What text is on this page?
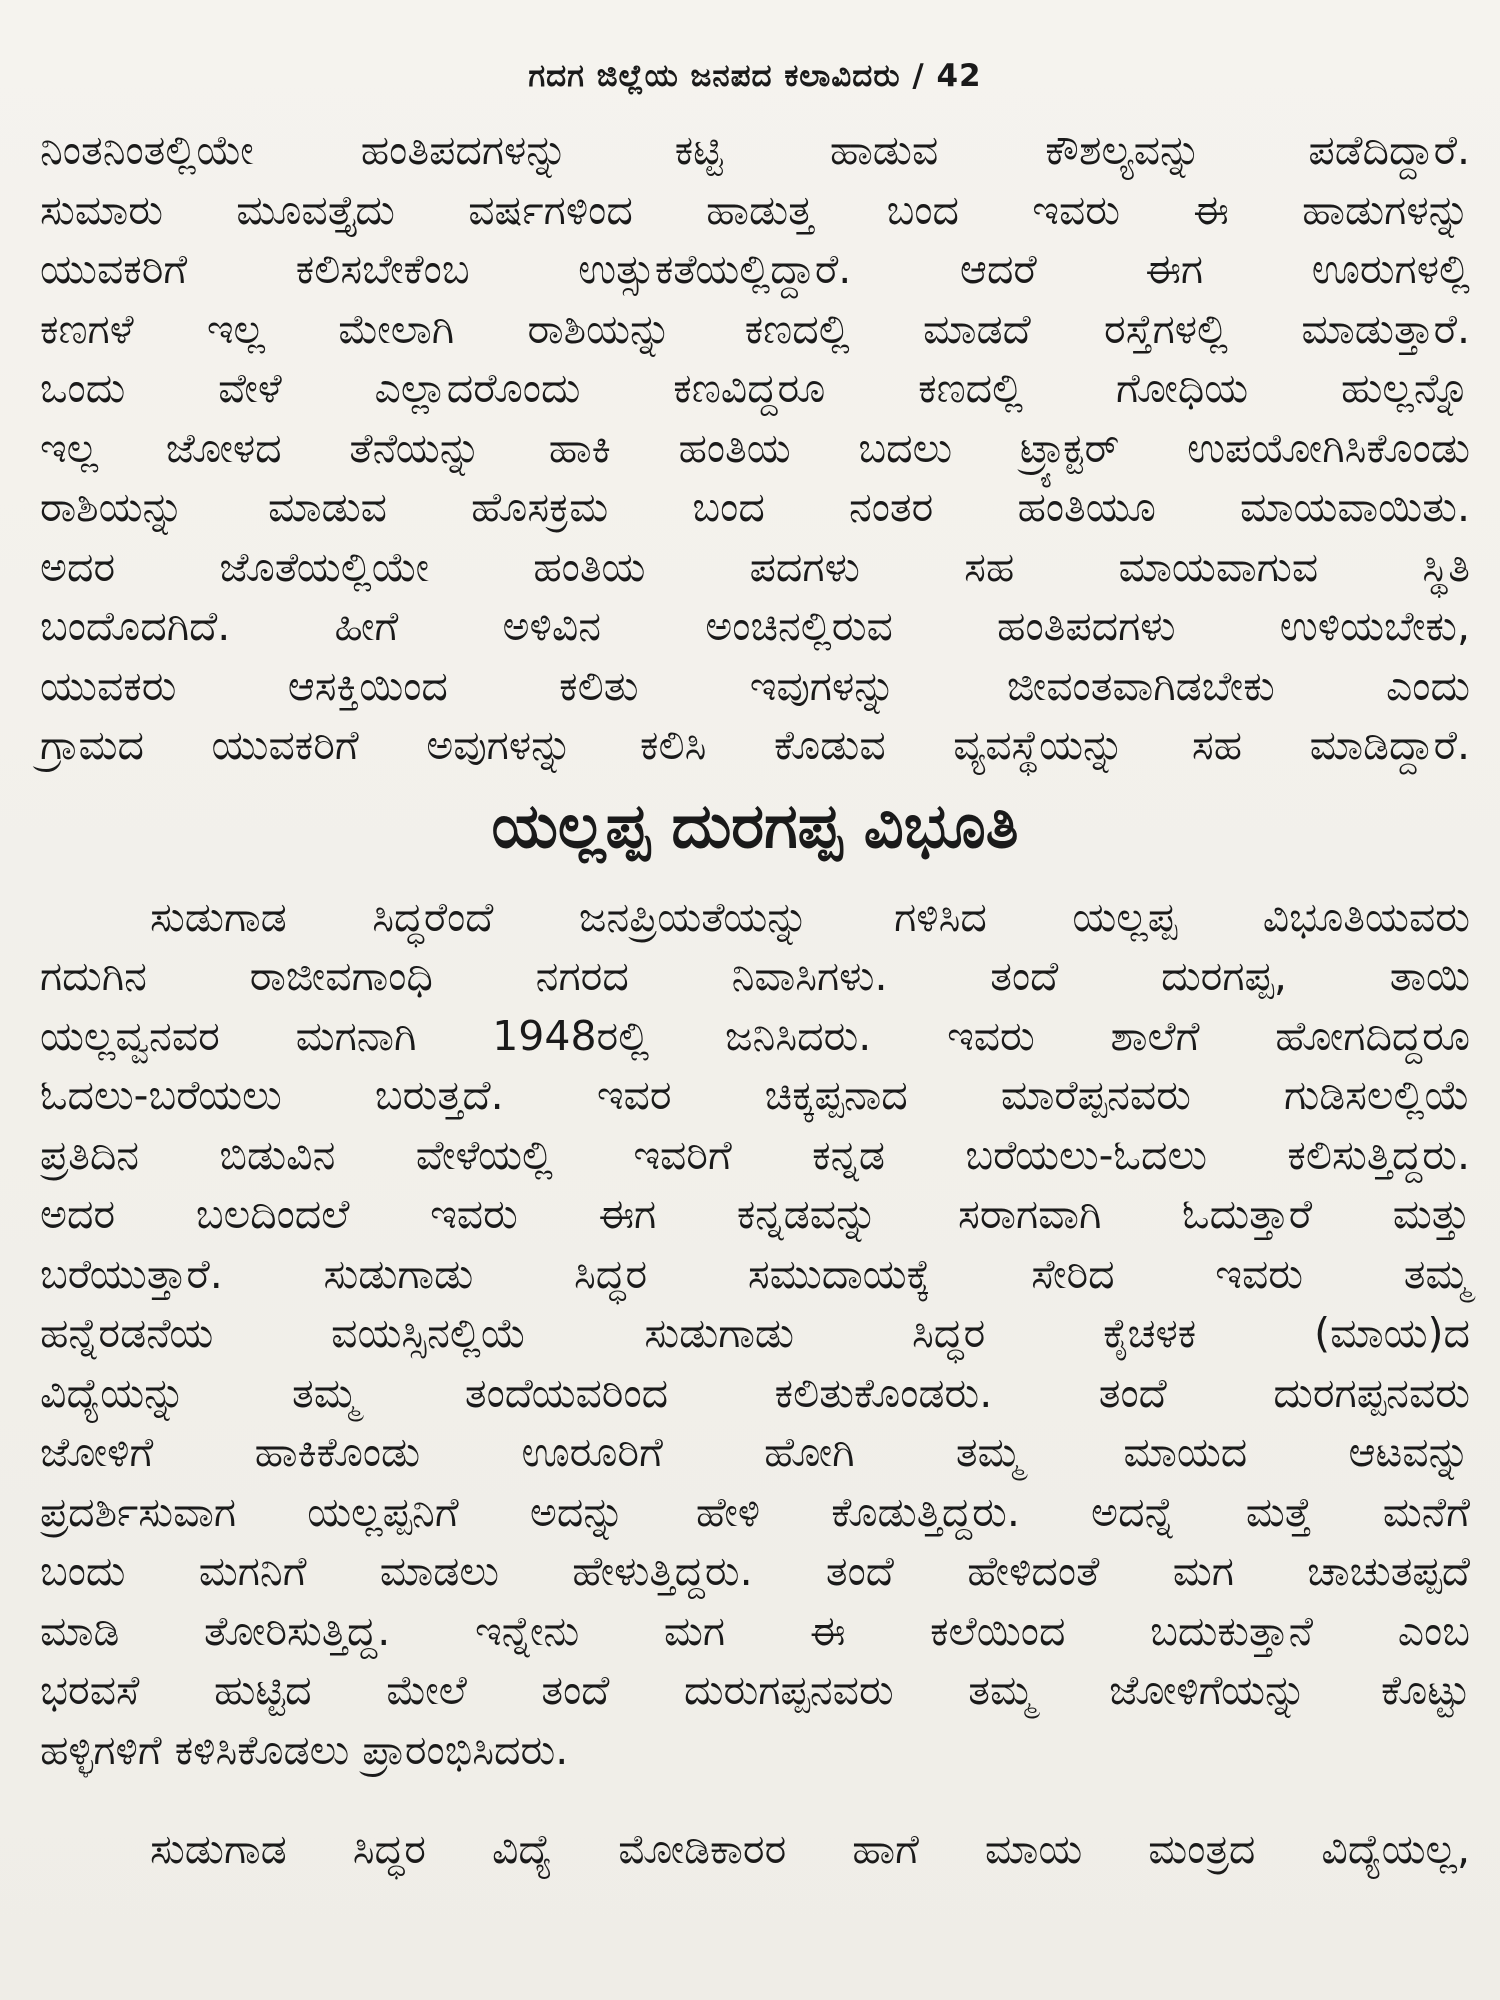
ಗದಗ ಜಿಲ್ಲೆಯ ಜನಪದ ಕಲಾವಿದರು / 42
ನಿಂತನಿಂತಲ್ಲಿಯೇ ಹಂತಿಪದಗಳನ್ನು ಕಟ್ಟಿ ಹಾಡುವ ಕೌಶಲ್ಯವನ್ನು ಪಡೆದಿದ್ದಾರೆ.
ಸುಮಾರು ಮೂವತ್ತೈದು ವರ್ಷಗಳಿಂದ ಹಾಡುತ್ತ ಬಂದ ಇವರು ಈ ಹಾಡುಗಳನ್ನು
ಯುವಕರಿಗೆ ಕಲಿಸಬೇಕೆಂಬ ಉತ್ಸುಕತೆಯಲ್ಲಿದ್ದಾರೆ. ಆದರೆ ಈಗ ಊರುಗಳಲ್ಲಿ
ಕಣಗಳೆ ಇಲ್ಲ ಮೇಲಾಗಿ ರಾಶಿಯನ್ನು ಕಣದಲ್ಲಿ ಮಾಡದೆ ರಸ್ತೆಗಳಲ್ಲಿ ಮಾಡುತ್ತಾರೆ.
ಒಂದು ವೇಳೆ ಎಲ್ಲಾದರೊಂದು ಕಣವಿದ್ದರೂ ಕಣದಲ್ಲಿ ಗೋಧಿಯ ಹುಲ್ಲನ್ನೊ
ಇಲ್ಲ ಜೋಳದ ತೆನೆಯನ್ನು ಹಾಕಿ ಹಂತಿಯ ಬದಲು ಟ್ರ್ಯಾಕ್ಟರ್ ಉಪಯೋಗಿಸಿಕೊಂಡು
ರಾಶಿಯನ್ನು ಮಾಡುವ ಹೊಸಕ್ರಮ ಬಂದ ನಂತರ ಹಂತಿಯೂ ಮಾಯವಾಯಿತು.
ಅದರ ಜೊತೆಯಲ್ಲಿಯೇ ಹಂತಿಯ ಪದಗಳು ಸಹ ಮಾಯವಾಗುವ ಸ್ಥಿತಿ
ಬಂದೊದಗಿದೆ. ಹೀಗೆ ಅಳಿವಿನ ಅಂಚಿನಲ್ಲಿರುವ ಹಂತಿಪದಗಳು ಉಳಿಯಬೇಕು,
ಯುವಕರು ಆಸಕ್ತಿಯಿಂದ ಕಲಿತು ಇವುಗಳನ್ನು ಜೀವಂತವಾಗಿಡಬೇಕು ಎಂದು
ಗ್ರಾಮದ ಯುವಕರಿಗೆ ಅವುಗಳನ್ನು ಕಲಿಸಿ ಕೊಡುವ ವ್ಯವಸ್ಥೆಯನ್ನು ಸಹ ಮಾಡಿದ್ದಾರೆ.
ಯಲ್ಲಪ್ಪ ದುರಗಪ್ಪ ವಿಭೂತಿ
ಸುಡುಗಾಡ ಸಿದ್ಧರೆಂದೆ ಜನಪ್ರಿಯತೆಯನ್ನು ಗಳಿಸಿದ ಯಲ್ಲಪ್ಪ ವಿಭೂತಿಯವರು
ಗದುಗಿನ ರಾಜೀವಗಾಂಧಿ ನಗರದ ನಿವಾಸಿಗಳು. ತಂದೆ ದುರಗಪ್ಪ, ತಾಯಿ
ಯಲ್ಲವ್ವನವರ ಮಗನಾಗಿ 1948ರಲ್ಲಿ ಜನಿಸಿದರು. ಇವರು ಶಾಲೆಗೆ ಹೋಗದಿದ್ದರೂ
ಓದಲು-ಬರೆಯಲು ಬರುತ್ತದೆ. ಇವರ ಚಿಕ್ಕಪ್ಪನಾದ ಮಾರೆಪ್ಪನವರು ಗುಡಿಸಲಲ್ಲಿಯೆ
ಪ್ರತಿದಿನ ಬಿಡುವಿನ ವೇಳೆಯಲ್ಲಿ ಇವರಿಗೆ ಕನ್ನಡ ಬರೆಯಲು-ಓದಲು ಕಲಿಸುತ್ತಿದ್ದರು.
ಅದರ ಬಲದಿಂದಲೆ ಇವರು ಈಗ ಕನ್ನಡವನ್ನು ಸರಾಗವಾಗಿ ಓದುತ್ತಾರೆ ಮತ್ತು
ಬರೆಯುತ್ತಾರೆ. ಸುಡುಗಾಡು ಸಿದ್ಧರ ಸಮುದಾಯಕ್ಕೆ ಸೇರಿದ ಇವರು ತಮ್ಮ
ಹನ್ನೆರಡನೆಯ ವಯಸ್ಸಿನಲ್ಲಿಯೆ ಸುಡುಗಾಡು ಸಿದ್ಧರ ಕೈಚಳಕ (ಮಾಯ)ದ
ವಿದ್ಯೆಯನ್ನು ತಮ್ಮ ತಂದೆಯವರಿಂದ ಕಲಿತುಕೊಂಡರು. ತಂದೆ ದುರಗಪ್ಪನವರು
ಜೋಳಿಗೆ ಹಾಕಿಕೊಂಡು ಊರೂರಿಗೆ ಹೋಗಿ ತಮ್ಮ ಮಾಯದ ಆಟವನ್ನು
ಪ್ರದರ್ಶಿಸುವಾಗ ಯಲ್ಲಪ್ಪನಿಗೆ ಅದನ್ನು ಹೇಳಿ ಕೊಡುತ್ತಿದ್ದರು. ಅದನ್ನೆ ಮತ್ತೆ ಮನೆಗೆ
ಬಂದು ಮಗನಿಗೆ ಮಾಡಲು ಹೇಳುತ್ತಿದ್ದರು. ತಂದೆ ಹೇಳಿದಂತೆ ಮಗ ಚಾಚುತಪ್ಪದೆ
ಮಾಡಿ ತೋರಿಸುತ್ತಿದ್ದ. ಇನ್ನೇನು ಮಗ ಈ ಕಲೆಯಿಂದ ಬದುಕುತ್ತಾನೆ ಎಂಬ
ಭರವಸೆ ಹುಟ್ಟಿದ ಮೇಲೆ ತಂದೆ ದುರುಗಪ್ಪನವರು ತಮ್ಮ ಜೋಳಿಗೆಯನ್ನು ಕೊಟ್ಟು
ಹಳ್ಳಿಗಳಿಗೆ ಕಳಿಸಿಕೊಡಲು ಪ್ರಾರಂಭಿಸಿದರು.
ಸುಡುಗಾಡ ಸಿದ್ಧರ ವಿದ್ಯೆ ಮೋಡಿಕಾರರ ಹಾಗೆ ಮಾಯ ಮಂತ್ರದ ವಿದ್ಯೆಯಲ್ಲ,
